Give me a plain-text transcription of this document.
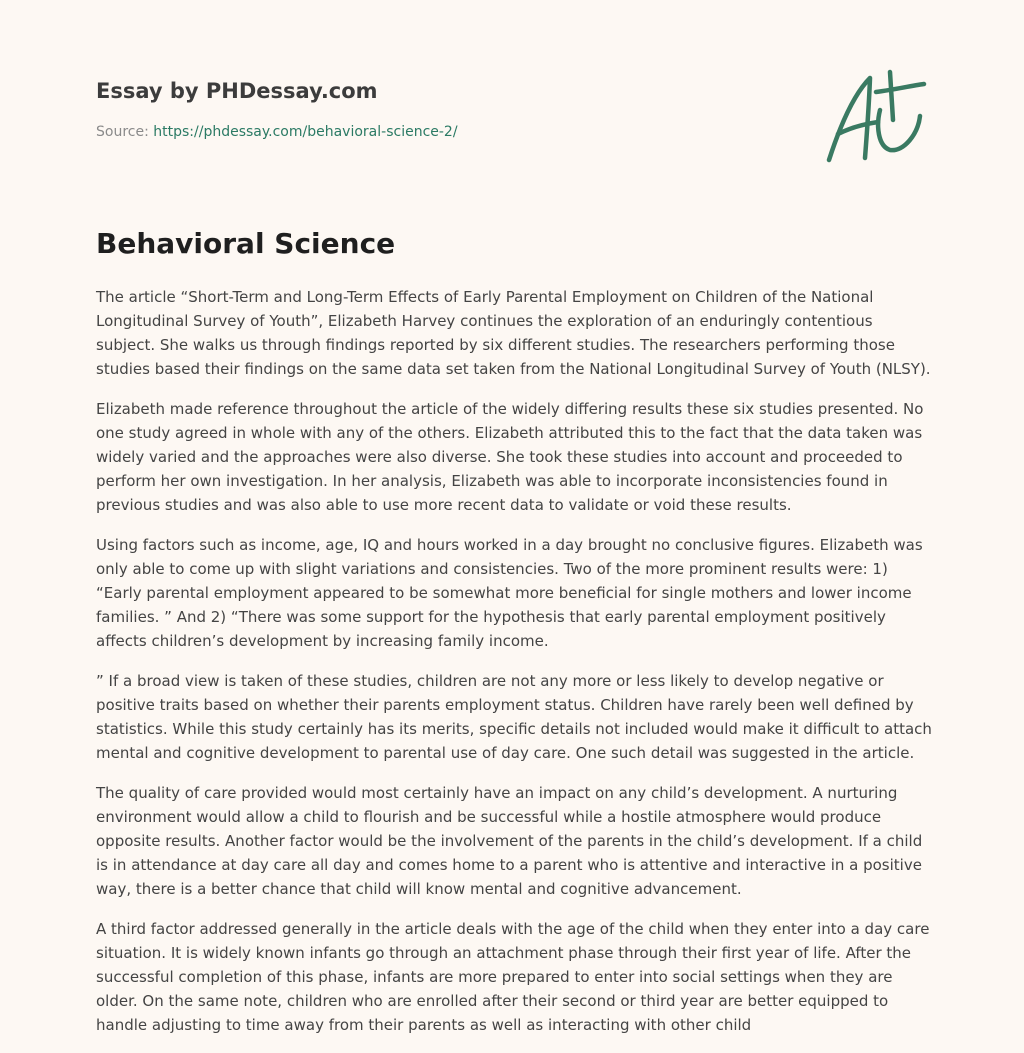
Essay by PHDessay.com
Source: https://phdessay.com/behavioral-science-2/
Behavioral Science

The article “Short-Term and Long-Term Effects of Early Parental Employment on Children of the National Longitudinal Survey of Youth”, Elizabeth Harvey continues the exploration of an enduringly contentious subject. She walks us through findings reported by six different studies. The researchers performing those studies based their findings on the same data set taken from the National Longitudinal Survey of Youth (NLSY).

Elizabeth made reference throughout the article of the widely differing results these six studies presented. No one study agreed in whole with any of the others. Elizabeth attributed this to the fact that the data taken was widely varied and the approaches were also diverse. She took these studies into account and proceeded to perform her own investigation. In her analysis, Elizabeth was able to incorporate inconsistencies found in previous studies and was also able to use more recent data to validate or void these results.

Using factors such as income, age, IQ and hours worked in a day brought no conclusive figures. Elizabeth was only able to come up with slight variations and consistencies. Two of the more prominent results were: 1) “Early parental employment appeared to be somewhat more beneficial for single mothers and lower income families. ” And 2) “There was some support for the hypothesis that early parental employment positively affects children’s development by increasing family income.

” If a broad view is taken of these studies, children are not any more or less likely to develop negative or positive traits based on whether their parents employment status. Children have rarely been well defined by statistics. While this study certainly has its merits, specific details not included would make it difficult to attach mental and cognitive development to parental use of day care. One such detail was suggested in the article.

The quality of care provided would most certainly have an impact on any child’s development. A nurturing environment would allow a child to flourish and be successful while a hostile atmosphere would produce opposite results. Another factor would be the involvement of the parents in the child’s development. If a child is in attendance at day care all day and comes home to a parent who is attentive and interactive in a positive way, there is a better chance that child will know mental and cognitive advancement.

A third factor addressed generally in the article deals with the age of the child when they enter into a day care situation. It is widely known infants go through an attachment phase through their first year of life. After the successful completion of this phase, infants are more prepared to enter into social settings when they are older. On the same note, children who are enrolled after their second or third year are better equipped to handle adjusting to time away from their parents as well as interacting with other child
